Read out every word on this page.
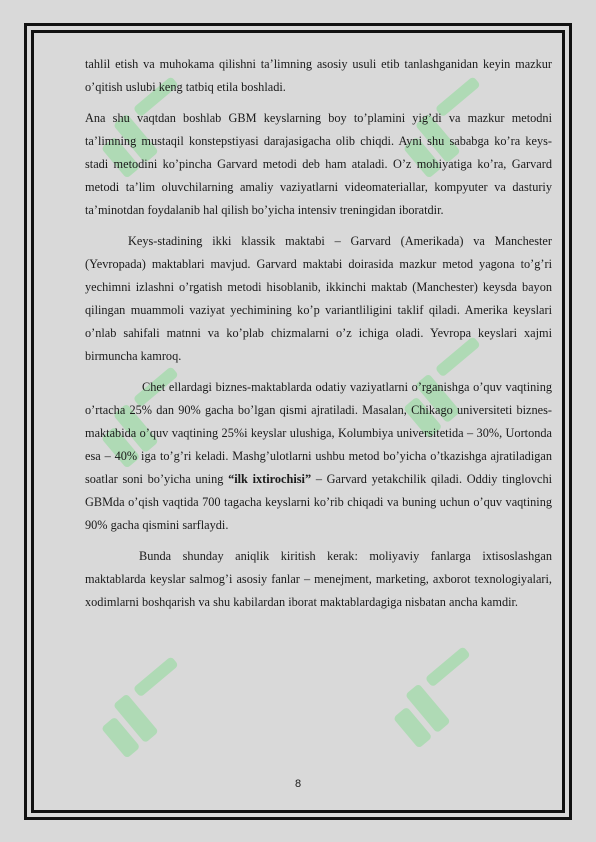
tahlil etish va muhokama qilishni ta’limning asosiy usuli etib tanlashganidan keyin mazkur o’qitish uslubi keng tatbiq etila boshladi.

Ana shu vaqtdan boshlab GBM keyslarning boy to’plamini yig’di va mazkur metodni ta’limning mustaqil konstepstiyasi darajasigacha olib chiqdi. Ayni shu sababga ko’ra keys-stadi metodini ko’pincha Garvard metodi deb ham ataladi. O’z mohiyatiga ko’ra, Garvard metodi ta’lim oluvchilarning amaliy vaziyatlarni videomateriallar, kompyuter va dasturiy ta’minotdan foydalanib hal qilish bo’yicha intensiv treningidan iboratdir.

Keys-stadining ikki klassik maktabi – Garvard (Amerikada) va Manchester (Yevropada) maktablari mavjud. Garvard maktabi doirasida mazkur metod yagona to’g’ri yechimni izlashni o’rgatish metodi hisoblanib, ikkinchi maktab (Manchester) keysda bayon qilingan muammoli vaziyat yechimining ko’p variantliligini taklif qiladi. Amerika keyslari o’nlab sahifali matnni va ko’plab chizmalarni o’z ichiga oladi. Yevropa keyslari xajmi birmuncha kamroq.

Chet ellardagi biznes-maktablarda odatiy vaziyatlarni o’rganishga o’quv vaqtining o’rtacha 25% dan 90% gacha bo’lgan qismi ajratiladi. Masalan, Chikago universiteti biznes-maktabida o’quv vaqtining 25%i keyslar ulushiga, Kolumbiya universitetida – 30%, Uortonda esa – 40% iga to’g’ri keladi. Mashg’ulotlarni ushbu metod bo’yicha o’tkazishga ajratiladigan soatlar soni bo’yicha uning “ilk ixtirochisi” – Garvard yetakchilik qiladi. Oddiy tinglovchi GBMda o’qish vaqtida 700 tagacha keyslarni ko’rib chiqadi va buning uchun o’quv vaqtining 90% gacha qismini sarflaydi.

Bunda shunday aniqlik kiritish kerak: moliyaviy fanlarga ixtisoslashgan maktablarda keyslar salmog’i asosiy fanlar – menejment, marketing, axborot texnologiyalari, xodimlarni boshqarish va shu kabilardan iborat maktablardagiga nisbatan ancha kamdir.

8
